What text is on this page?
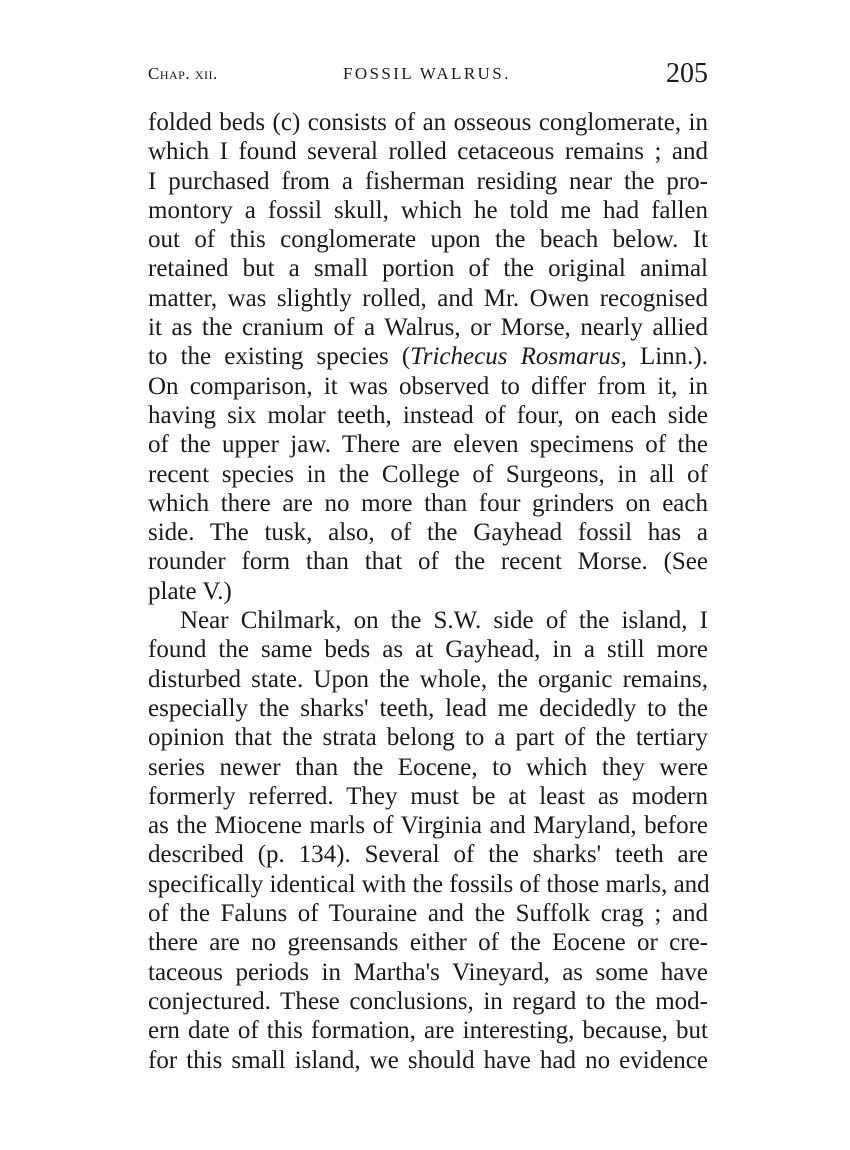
Chap. xii.	FOSSIL WALRUS.	205
folded beds (c) consists of an osseous conglomerate, in
which I found several rolled cetaceous remains ; and
I purchased from a fisherman residing near the pro-
montory a fossil skull, which he told me had fallen
out of this conglomerate upon the beach below. It
retained but a small portion of the original animal
matter, was slightly rolled, and Mr. Owen recognised
it as the cranium of a Walrus, or Morse, nearly allied
to the existing species (Trichecus Rosmarus, Linn.).
On comparison, it was observed to differ from it, in
having six molar teeth, instead of four, on each side
of the upper jaw. There are eleven specimens of the
recent species in the College of Surgeons, in all of
which there are no more than four grinders on each
side. The tusk, also, of the Gayhead fossil has a
rounder form than that of the recent Morse. (See
plate V.)
Near Chilmark, on the S.W. side of the island, I
found the same beds as at Gayhead, in a still more
disturbed state. Upon the whole, the organic remains,
especially the sharks' teeth, lead me decidedly to the
opinion that the strata belong to a part of the tertiary
series newer than the Eocene, to which they were
formerly referred. They must be at least as modern
as the Miocene marls of Virginia and Maryland, before
described (p. 134). Several of the sharks' teeth are
specifically identical with the fossils of those marls, and
of the Faluns of Touraine and the Suffolk crag ; and
there are no greensands either of the Eocene or cre-
taceous periods in Martha's Vineyard, as some have
conjectured. These conclusions, in regard to the mod-
ern date of this formation, are interesting, because, but
for this small island, we should have had no evidence
